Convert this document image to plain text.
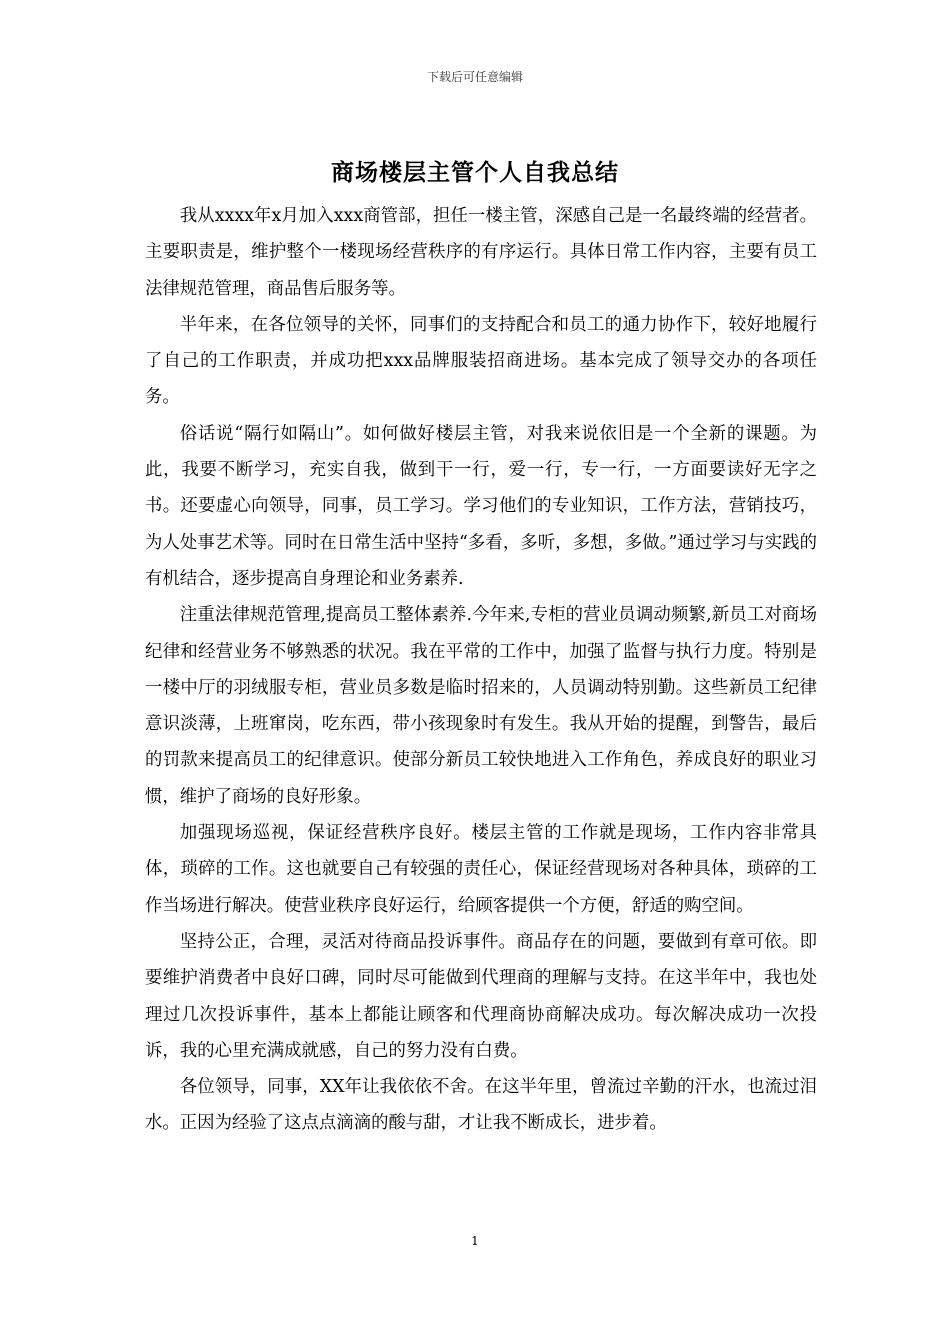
下载后可任意编辑
商场楼层主管个人自我总结

我从xxxx年x月加入xxx商管部，担任一楼主管，深感自己是一名最终端的经营者。主要职责是，维护整个一楼现场经营秩序的有序运行。具体日常工作内容，主要有员工法律规范管理，商品售后服务等。

半年来，在各位领导的关怀，同事们的支持配合和员工的通力协作下，较好地履行了自己的工作职责，并成功把xxx品牌服装招商进场。基本完成了领导交办的各项任务。

俗话说“隔行如隔山”。如何做好楼层主管，对我来说依旧是一个全新的课题。为此，我要不断学习，充实自我，做到干一行，爱一行，专一行，一方面要读好无字之书。还要虚心向领导，同事，员工学习。学习他们的专业知识，工作方法，营销技巧，为人处事艺术等。同时在日常生活中坚持“多看，多听，多想，多做。”通过学习与实践的有机结合，逐步提高自身理论和业务素养.

注重法律规范管理,提高员工整体素养.今年来,专柜的营业员调动频繁,新员工对商场纪律和经营业务不够熟悉的状况。我在平常的工作中，加强了监督与执行力度。特别是一楼中厅的羽绒服专柜，营业员多数是临时招来的，人员调动特别勤。这些新员工纪律意识淡薄，上班窜岗，吃东西，带小孩现象时有发生。我从开始的提醒，到警告，最后的罚款来提高员工的纪律意识。使部分新员工较快地进入工作角色，养成良好的职业习惯，维护了商场的良好形象。

加强现场巡视，保证经营秩序良好。楼层主管的工作就是现场，工作内容非常具体，琐碎的工作。这也就要自己有较强的责任心，保证经营现场对各种具体，琐碎的工作当场进行解决。使营业秩序良好运行，给顾客提供一个方便，舒适的购空间。

坚持公正，合理，灵活对待商品投诉事件。商品存在的问题，要做到有章可依。即要维护消费者中良好口碑，同时尽可能做到代理商的理解与支持。在这半年中，我也处理过几次投诉事件，基本上都能让顾客和代理商协商解决成功。每次解决成功一次投诉，我的心里充满成就感，自己的努力没有白费。

各位领导，同事，XX年让我依依不舍。在这半年里，曾流过辛勤的汗水，也流过泪水。正因为经验了这点点滴滴的酸与甜，才让我不断成长，进步着。

1
